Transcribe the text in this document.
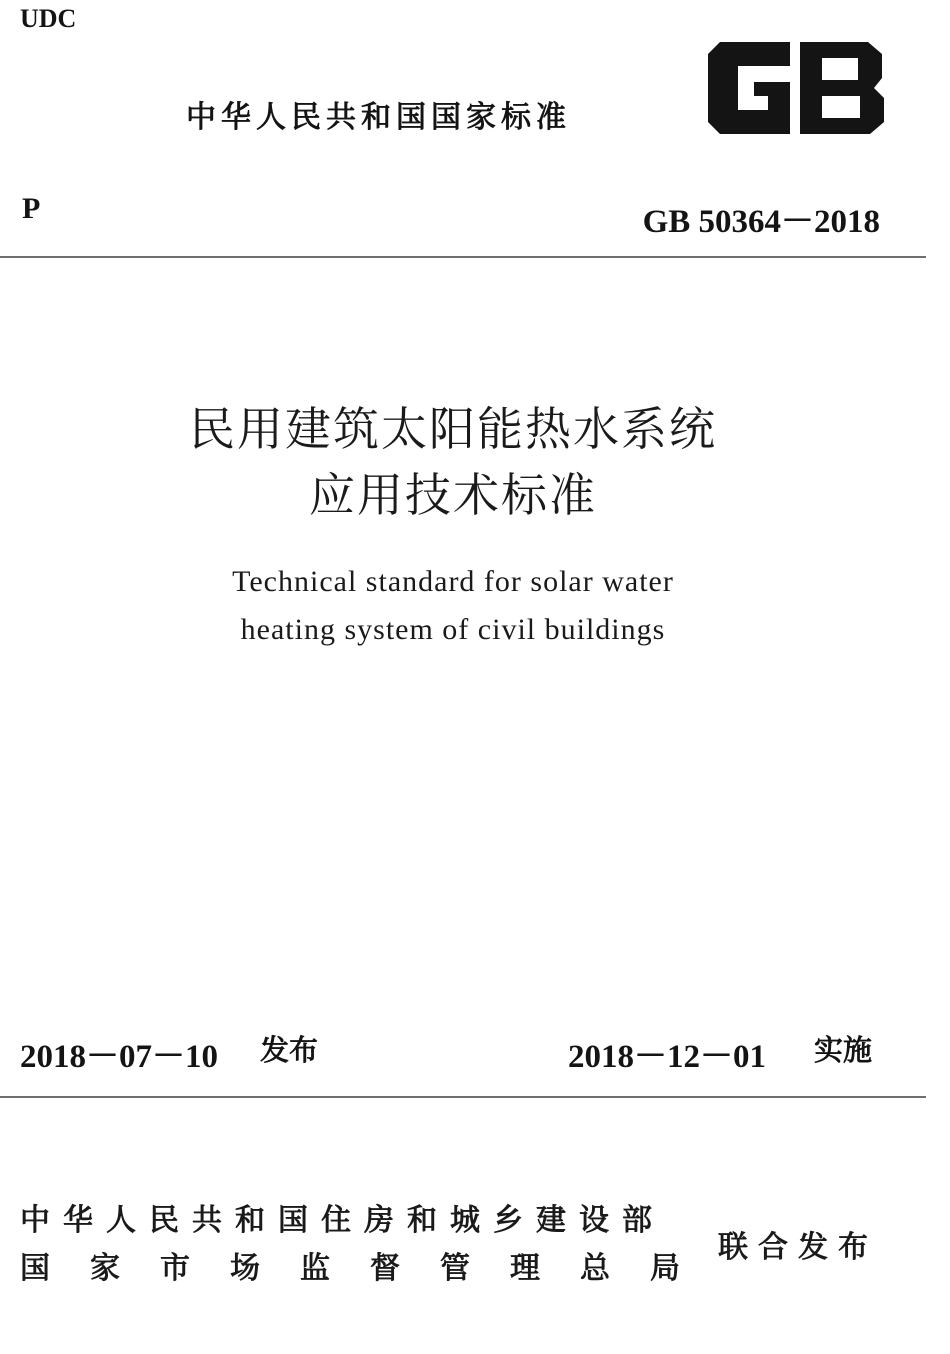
UDC
中华人民共和国国家标准
GB
P	GB 50364－2018
民用建筑太阳能热水系统
应用技术标准
Technical standard for solar water
heating system of civil buildings
2018－07－10 发布	2018－12－01 实施
中华人民共和国住房和城乡建设部
国家市场监督管理总局
联合发布
